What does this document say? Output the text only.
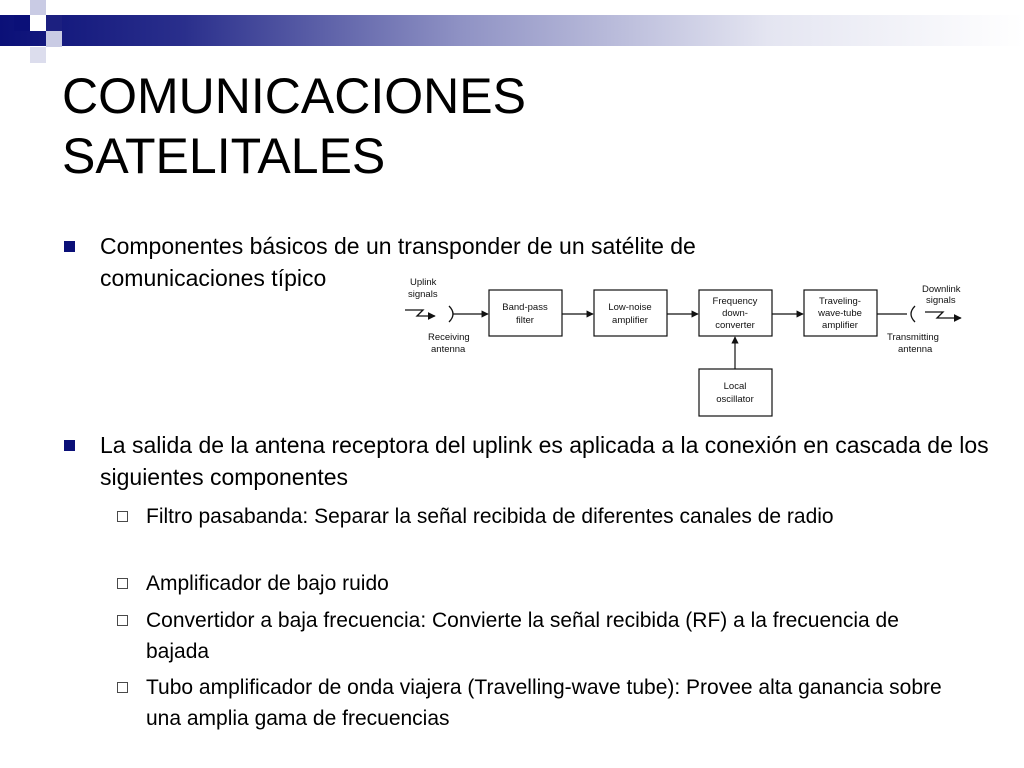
COMUNICACIONES
SATELITALES
Componentes básicos de un transponder de un satélite de comunicaciones típico	Uplink
signals
Receiving
antenna
Band-pass
filter
Low-noise
amplifier
Frequency
down-
converter
Traveling-
wave-tube
amplifier
Downlink
signals
Transmitting
antenna
Local
oscillator
La salida de la antena receptora del uplink es aplicada a la conexión en cascada de los siguientes componentes
Filtro pasabanda: Separar la señal recibida de diferentes canales de radio
Amplificador de bajo ruido
Convertidor a baja frecuencia: Convierte la señal recibida (RF) a la frecuencia de bajada
Tubo amplificador de onda viajera (Travelling-wave tube): Provee alta ganancia sobre una amplia gama de frecuencias
